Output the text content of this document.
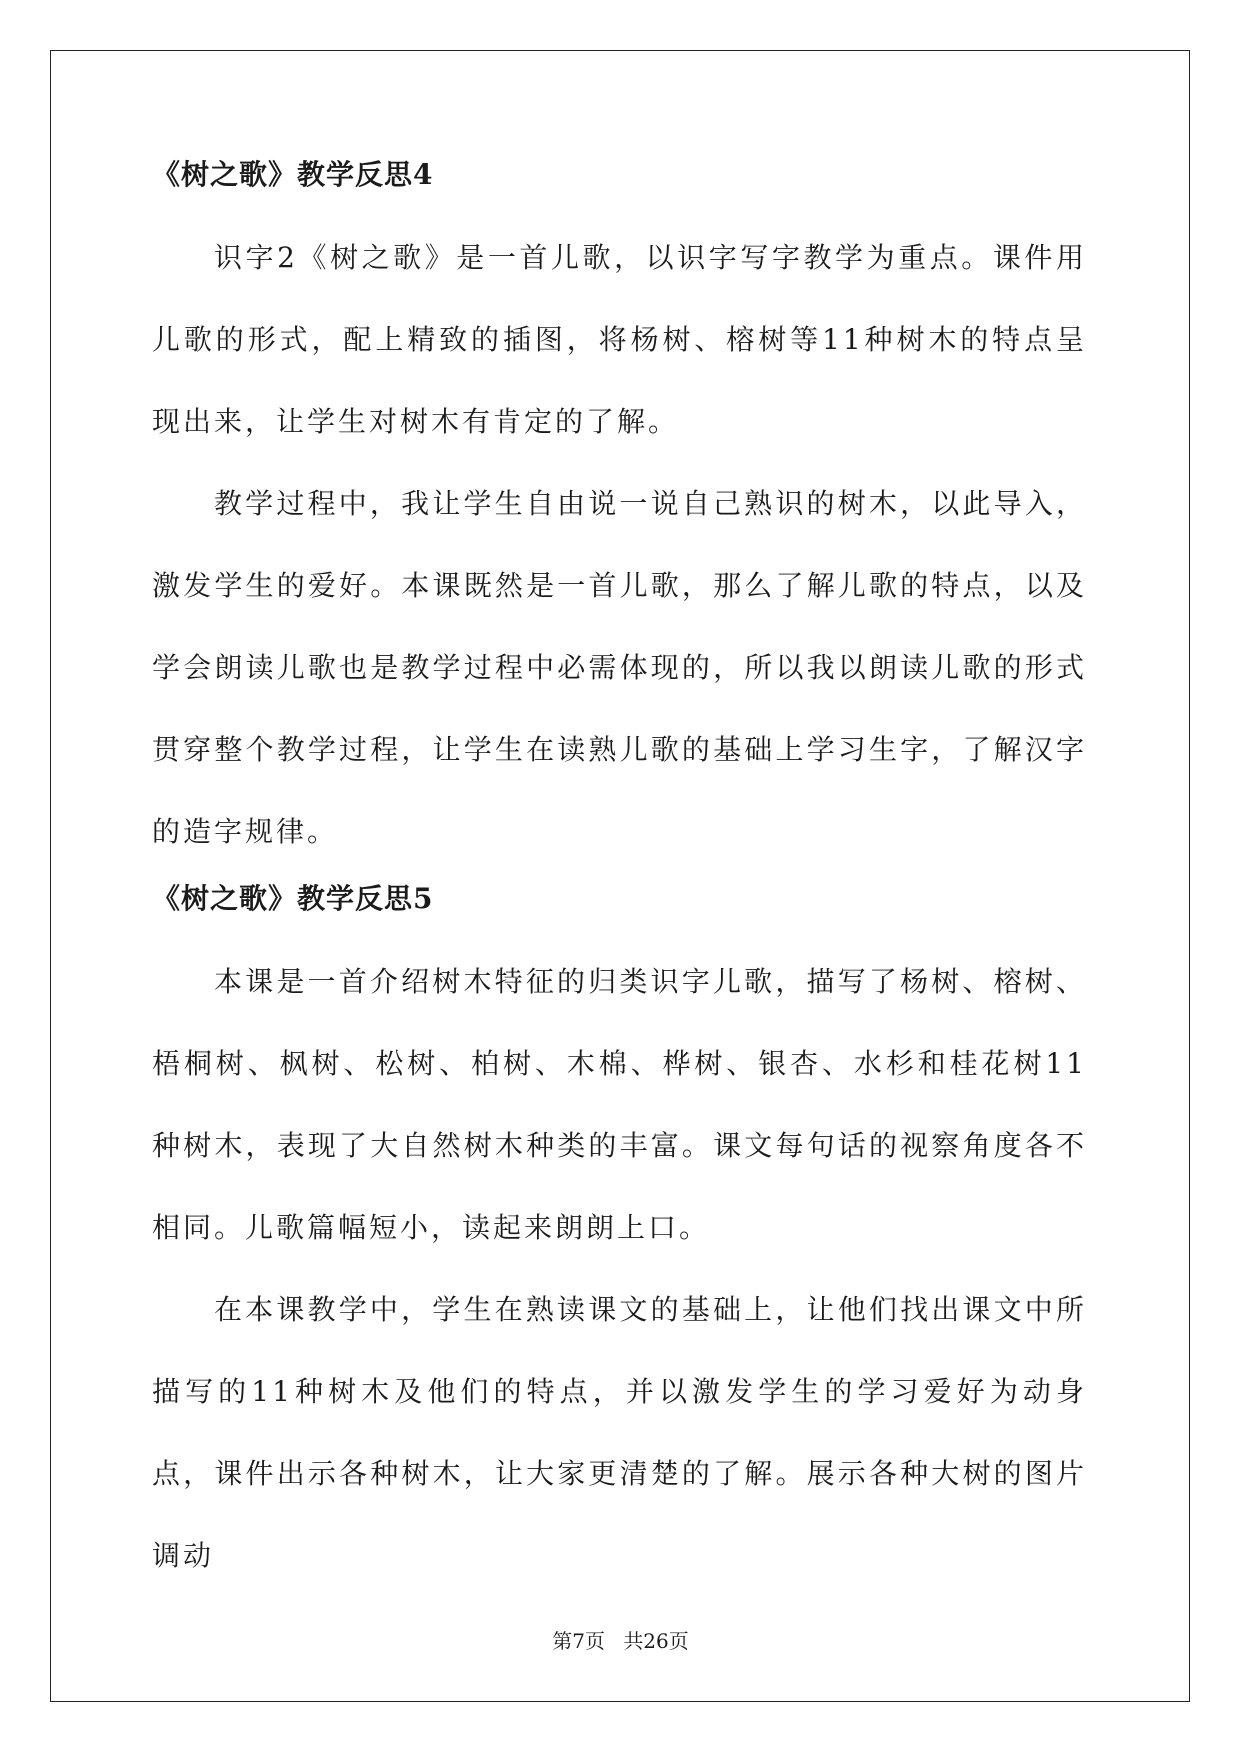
《树之歌》教学反思4

识字2《树之歌》是一首儿歌，以识字写字教学为重点。课件用儿歌的形式，配上精致的插图，将杨树、榕树等11种树木的特点呈现出来，让学生对树木有肯定的了解。

教学过程中，我让学生自由说一说自己熟识的树木，以此导入，激发学生的爱好。本课既然是一首儿歌，那么了解儿歌的特点，以及学会朗读儿歌也是教学过程中必需体现的，所以我以朗读儿歌的形式贯穿整个教学过程，让学生在读熟儿歌的基础上学习生字，了解汉字的造字规律。

《树之歌》教学反思5

本课是一首介绍树木特征的归类识字儿歌，描写了杨树、榕树、梧桐树、枫树、松树、柏树、木棉、桦树、银杏、水杉和桂花树11种树木，表现了大自然树木种类的丰富。课文每句话的视察角度各不相同。儿歌篇幅短小，读起来朗朗上口。

在本课教学中，学生在熟读课文的基础上，让他们找出课文中所描写的11种树木及他们的特点，并以激发学生的学习爱好为动身点，课件出示各种树木，让大家更清楚的了解。展示各种大树的图片调动

第7页 共26页
